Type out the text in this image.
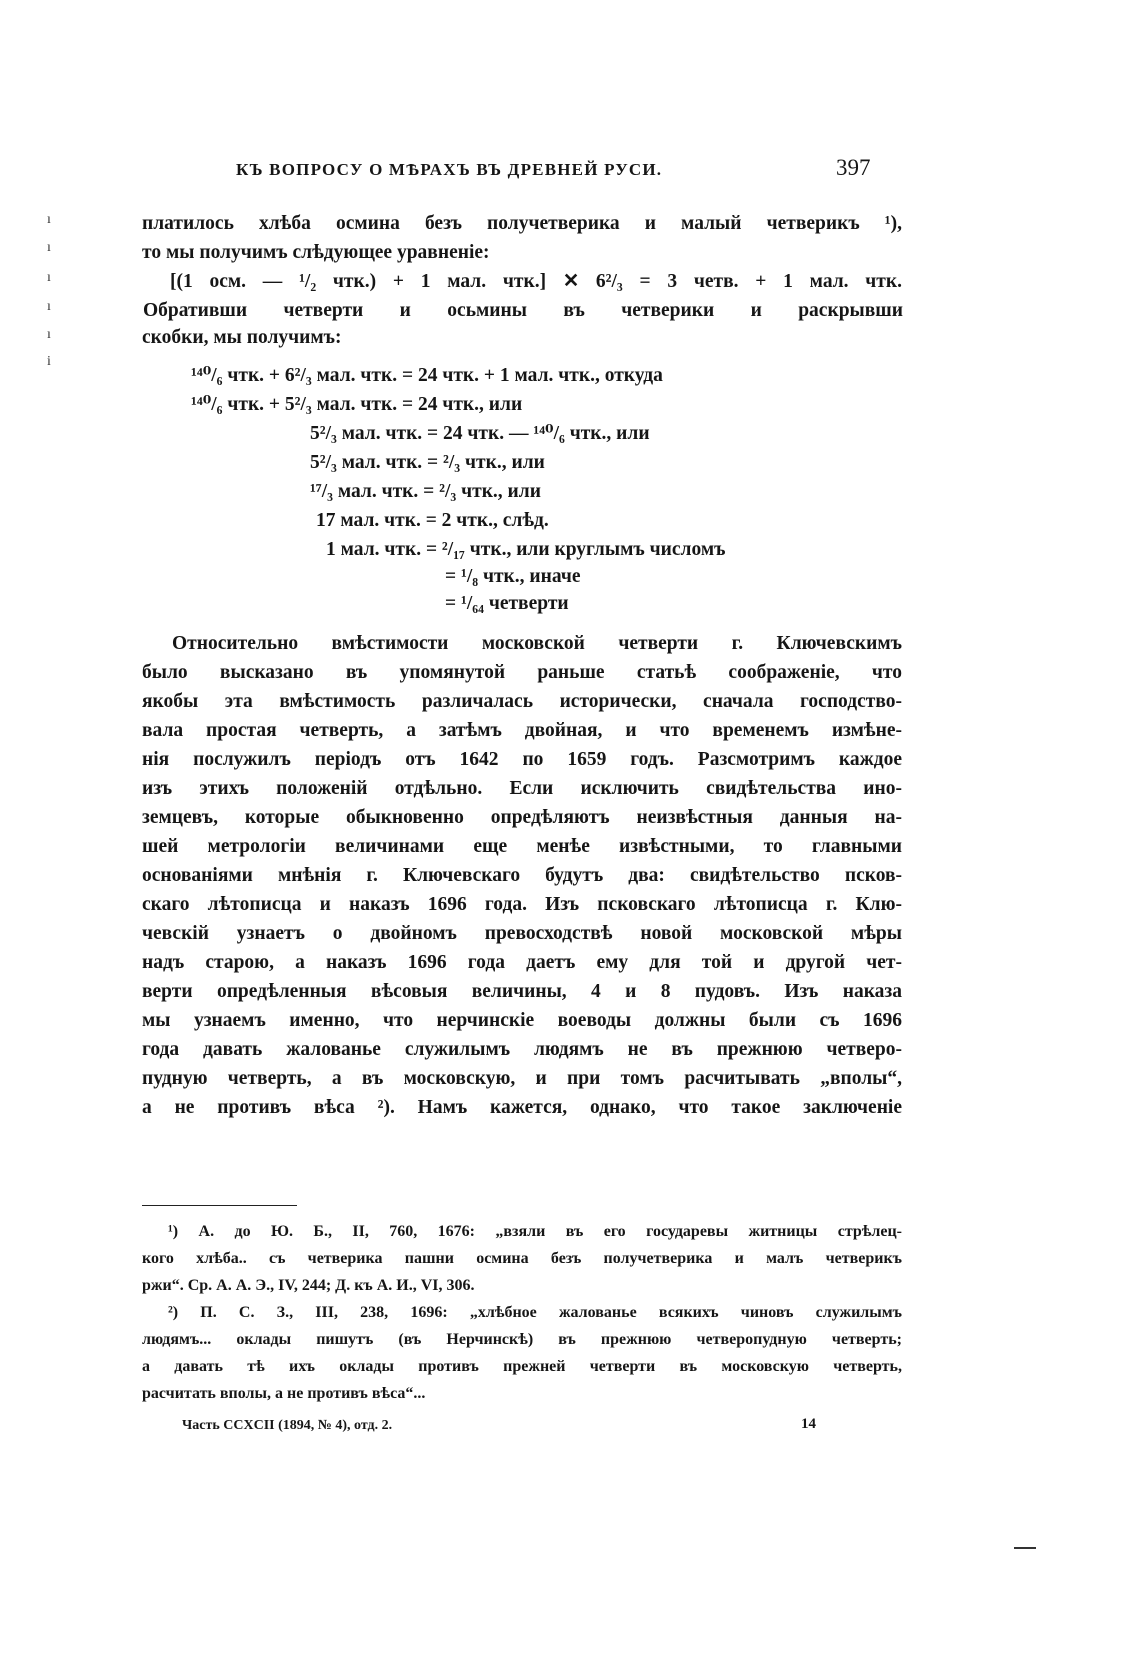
КЪ ВОПРОСУ О МѢРАХЪ ВЪ ДРЕВНЕЙ РУСИ.	397
ı
ı
ı
ı
ı
i
платилось хлѣба осмина безъ получетверика и малый четверикъ ¹),
то мы получимъ слѣдующее уравненіе:
[(1 осм. — ¹/₂ чтк.) + 1 мал. чтк.] ✕ 6²/₃ = 3 четв. + 1 мал. чтк.
Обративши четверти и осьмины въ четверики и раскрывши
скобки, мы получимъ:
¹⁴⁰/₆ чтк. + 6²/₃ мал. чтк. = 24 чтк. + 1 мал. чтк., откуда
¹⁴⁰/₆ чтк. + 5²/₃ мал. чтк. = 24 чтк., или
5²/₃ мал. чтк. = 24 чтк. — ¹⁴⁰/₆ чтк., или
5²/₃ мал. чтк. = ²/₃ чтк., или
¹⁷/₃ мал. чтк. = ²/₃ чтк., или
17 мал. чтк. = 2 чтк., слѣд.
1 мал. чтк. = ²/₁₇ чтк., или круглымъ числомъ
= ¹/₈ чтк., иначе
= ¹/₆₄ четверти
Относительно вмѣстимости московской четверти г. Ключевскимъ
было высказано въ упомянутой раньше статьѣ соображеніе, что
якобы эта вмѣстимость различалась исторически, сначала господство-
вала простая четверть, а затѣмъ двойная, и что временемъ измѣне-
нія послужилъ періодъ отъ 1642 по 1659 годъ. Разсмотримъ каждое
изъ этихъ положеній отдѣльно. Если исключить свидѣтельства ино-
земцевъ, которые обыкновенно опредѣляютъ неизвѣстныя данныя на-
шей метрологіи величинами еще менѣе извѣстными, то главными
основаніями мнѣнія г. Ключевскаго будутъ два: свидѣтельство псков-
скаго лѣтописца и наказъ 1696 года. Изъ псковскаго лѣтописца г. Клю-
чевскій узнаетъ о двойномъ превосходствѣ новой московской мѣры
надъ старою, а наказъ 1696 года даетъ ему для той и другой чет-
верти опредѣленныя вѣсовыя величины, 4 и 8 пудовъ. Изъ наказа
мы узнаемъ именно, что нерчинскіе воеводы должны были съ 1696
года давать жалованье служилымъ людямъ не въ прежнюю четверо-
пудную четверть, а въ московскую, и при томъ расчитывать „вполы“,
а не противъ вѣса ²). Намъ кажется, однако, что такое заключеніе
¹) А. до Ю. Б., II, 760, 1676: „взяли въ его государевы житницы стрѣлец-
кого хлѣба.. съ четверика пашни осмина безъ получетверика и малъ четверикъ
ржи“. Ср. А. А. Э., IV, 244; Д. къ А. И., VI, 306.
²) П. С. З., III, 238, 1696: „хлѣбное жалованье всякихъ чиновъ служилымъ
людямъ... оклады пишутъ (въ Нерчинскѣ) въ прежнюю четверопудную четверть;
а давать тѣ ихъ оклады противъ прежней четверти въ московскую четверть,
расчитать вполы, а не противъ вѣса“...
Часть CCXCII (1894, № 4), отд. 2.	14
